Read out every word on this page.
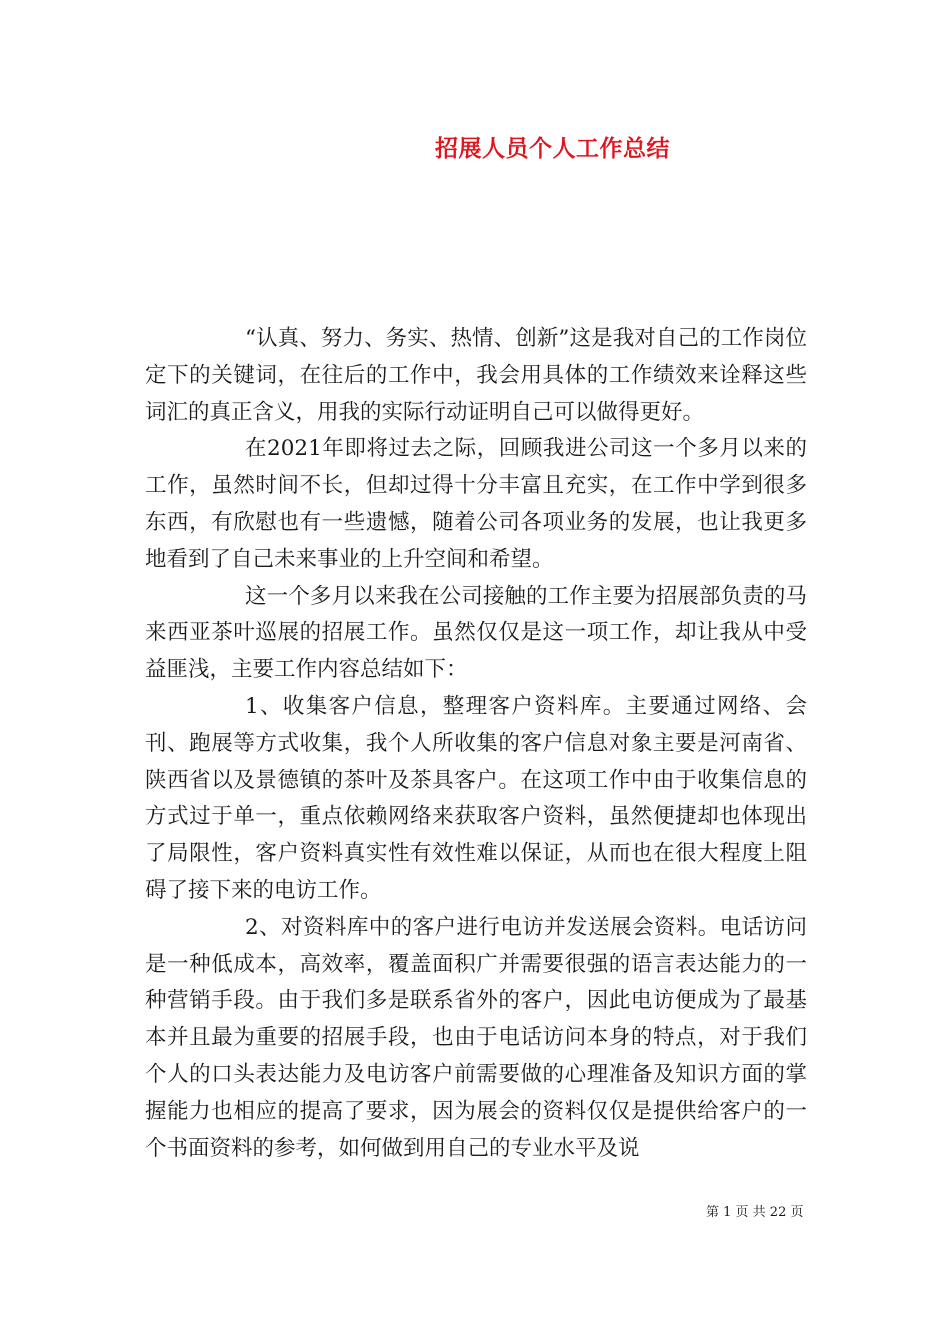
招展人员个人工作总结

“认真、努力、务实、热情、创新”这是我对自己的工作岗位定下的关键词，在往后的工作中，我会用具体的工作绩效来诠释这些词汇的真正含义，用我的实际行动证明自己可以做得更好。

在2021年即将过去之际，回顾我进公司这一个多月以来的工作，虽然时间不长，但却过得十分丰富且充实，在工作中学到很多东西，有欣慰也有一些遗憾，随着公司各项业务的发展，也让我更多地看到了自己未来事业的上升空间和希望。

这一个多月以来我在公司接触的工作主要为招展部负责的马来西亚茶叶巡展的招展工作。虽然仅仅是这一项工作，却让我从中受益匪浅，主要工作内容总结如下：

1、收集客户信息，整理客户资料库。主要通过网络、会刊、跑展等方式收集，我个人所收集的客户信息对象主要是河南省、陕西省以及景德镇的茶叶及茶具客户。在这项工作中由于收集信息的方式过于单一，重点依赖网络来获取客户资料，虽然便捷却也体现出了局限性，客户资料真实性有效性难以保证，从而也在很大程度上阻碍了接下来的电访工作。

2、对资料库中的客户进行电访并发送展会资料。电话访问是一种低成本，高效率，覆盖面积广并需要很强的语言表达能力的一种营销手段。由于我们多是联系省外的客户，因此电访便成为了最基本并且最为重要的招展手段，也由于电话访问本身的特点，对于我们个人的口头表达能力及电访客户前需要做的心理准备及知识方面的掌握能力也相应的提高了要求，因为展会的资料仅仅是提供给客户的一个书面资料的参考，如何做到用自己的专业水平及说

第 1 页 共 22 页
